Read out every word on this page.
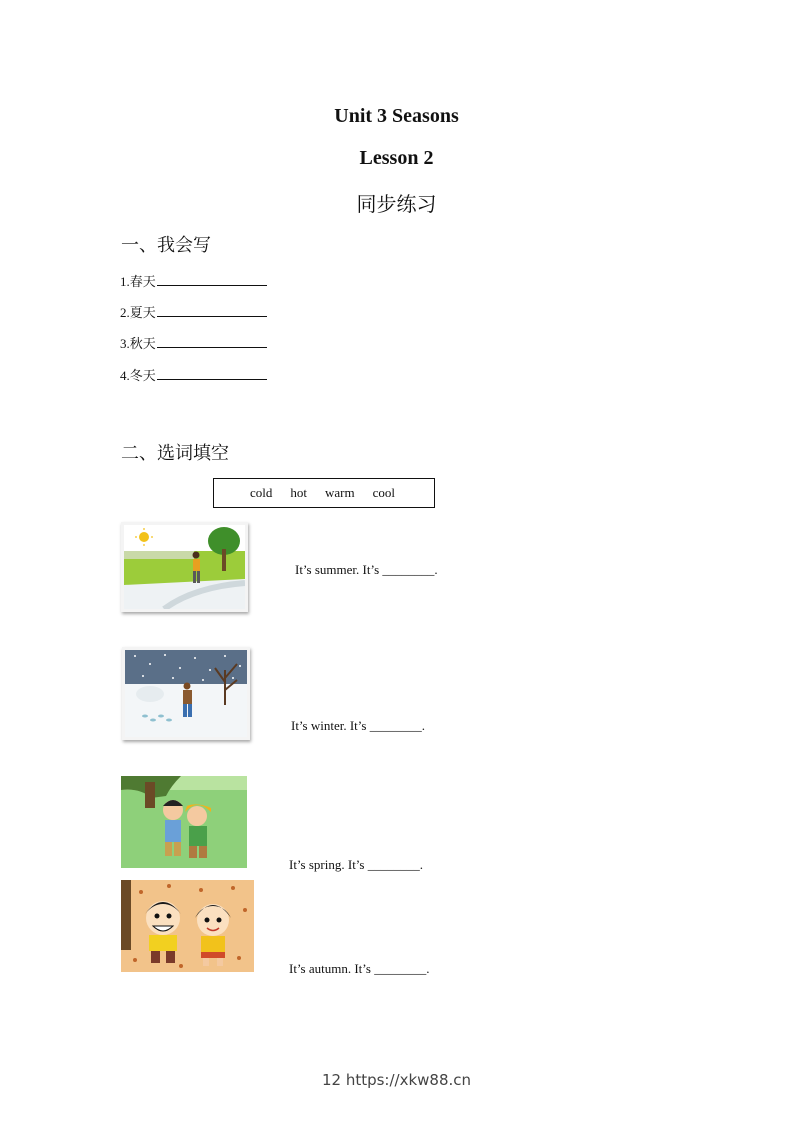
Unit 3 Seasons
Lesson 2
同步练习
一、我会写
1.春天
2.夏天
3.秋天
4.冬天
二、选词填空
cold hot warm cool
It’s summer. It’s ________.
It’s winter. It’s ________.
It’s spring. It’s ________.
It’s autumn. It’s ________.
12 https://xkw88.cn
